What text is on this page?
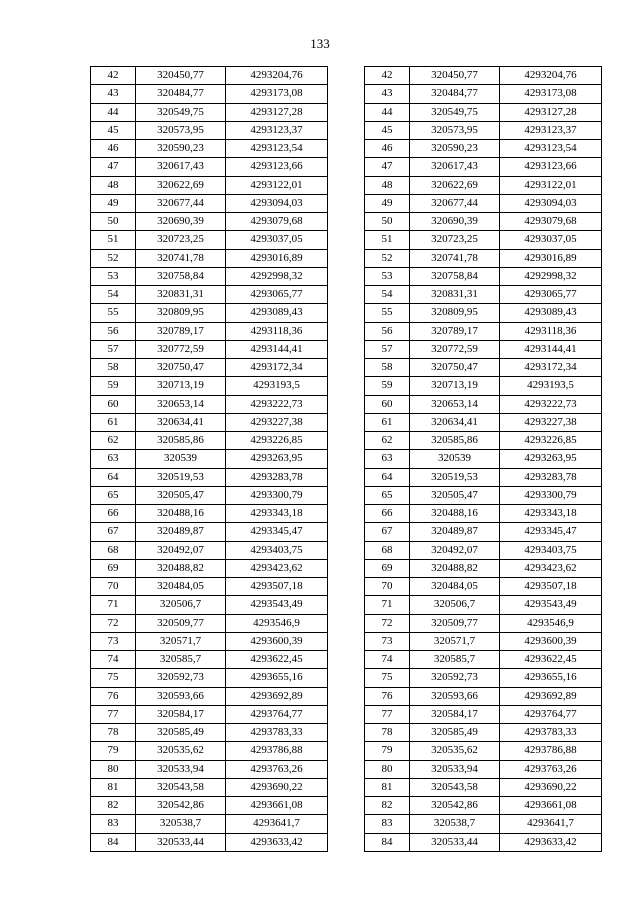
133
42	320450,77	4293204,76
43	320484,77	4293173,08
44	320549,75	4293127,28
45	320573,95	4293123,37
46	320590,23	4293123,54
47	320617,43	4293123,66
48	320622,69	4293122,01
49	320677,44	4293094,03
50	320690,39	4293079,68
51	320723,25	4293037,05
52	320741,78	4293016,89
53	320758,84	4292998,32
54	320831,31	4293065,77
55	320809,95	4293089,43
56	320789,17	4293118,36
57	320772,59	4293144,41
58	320750,47	4293172,34
59	320713,19	4293193,5
60	320653,14	4293222,73
61	320634,41	4293227,38
62	320585,86	4293226,85
63	320539	4293263,95
64	320519,53	4293283,78
65	320505,47	4293300,79
66	320488,16	4293343,18
67	320489,87	4293345,47
68	320492,07	4293403,75
69	320488,82	4293423,62
70	320484,05	4293507,18
71	320506,7	4293543,49
72	320509,77	4293546,9
73	320571,7	4293600,39
74	320585,7	4293622,45
75	320592,73	4293655,16
76	320593,66	4293692,89
77	320584,17	4293764,77
78	320585,49	4293783,33
79	320535,62	4293786,88
80	320533,94	4293763,26
81	320543,58	4293690,22
82	320542,86	4293661,08
83	320538,7	4293641,7
84	320533,44	4293633,42
42	320450,77	4293204,76
43	320484,77	4293173,08
44	320549,75	4293127,28
45	320573,95	4293123,37
46	320590,23	4293123,54
47	320617,43	4293123,66
48	320622,69	4293122,01
49	320677,44	4293094,03
50	320690,39	4293079,68
51	320723,25	4293037,05
52	320741,78	4293016,89
53	320758,84	4292998,32
54	320831,31	4293065,77
55	320809,95	4293089,43
56	320789,17	4293118,36
57	320772,59	4293144,41
58	320750,47	4293172,34
59	320713,19	4293193,5
60	320653,14	4293222,73
61	320634,41	4293227,38
62	320585,86	4293226,85
63	320539	4293263,95
64	320519,53	4293283,78
65	320505,47	4293300,79
66	320488,16	4293343,18
67	320489,87	4293345,47
68	320492,07	4293403,75
69	320488,82	4293423,62
70	320484,05	4293507,18
71	320506,7	4293543,49
72	320509,77	4293546,9
73	320571,7	4293600,39
74	320585,7	4293622,45
75	320592,73	4293655,16
76	320593,66	4293692,89
77	320584,17	4293764,77
78	320585,49	4293783,33
79	320535,62	4293786,88
80	320533,94	4293763,26
81	320543,58	4293690,22
82	320542,86	4293661,08
83	320538,7	4293641,7
84	320533,44	4293633,42
